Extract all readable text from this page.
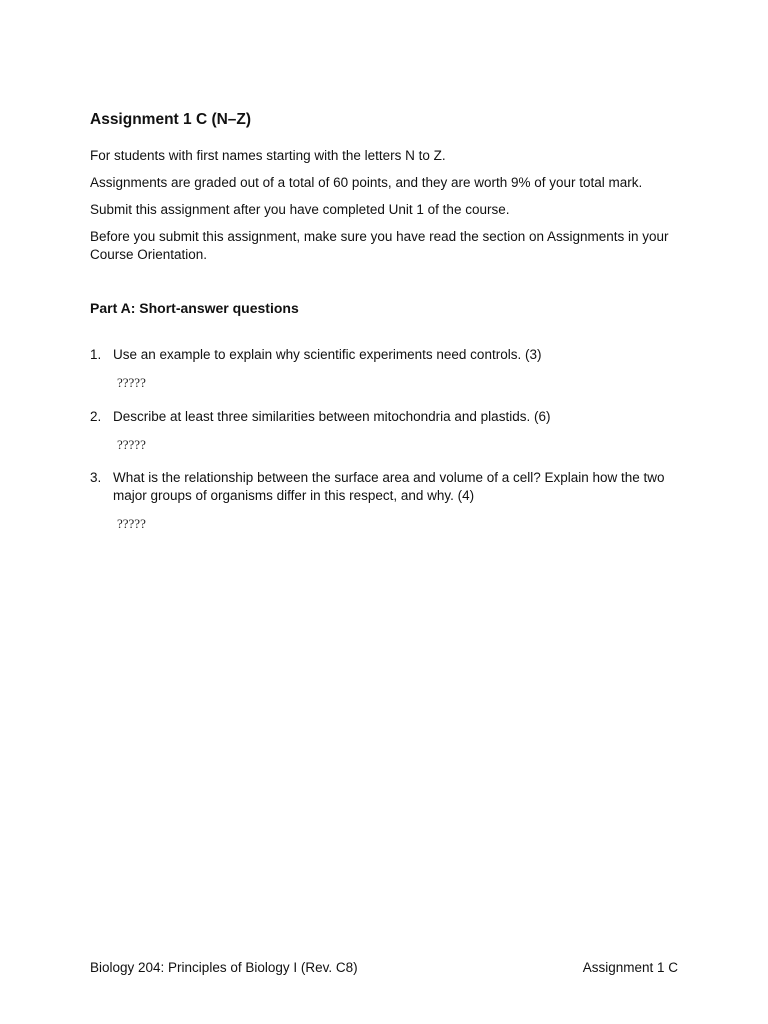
Assignment 1 C (N–Z)

For students with first names starting with the letters N to Z.

Assignments are graded out of a total of 60 points, and they are worth 9% of your total mark.

Submit this assignment after you have completed Unit 1 of the course.

Before you submit this assignment, make sure you have read the section on Assignments in your Course Orientation.

Part A: Short-answer questions
1. Use an example to explain why scientific experiments need controls. (3)
?????
2. Describe at least three similarities between mitochondria and plastids. (6)
?????
3. What is the relationship between the surface area and volume of a cell? Explain how the two major groups of organisms differ in this respect, and why. (4)
?????
Biology 204: Principles of Biology I (Rev. C8)	Assignment 1 C
